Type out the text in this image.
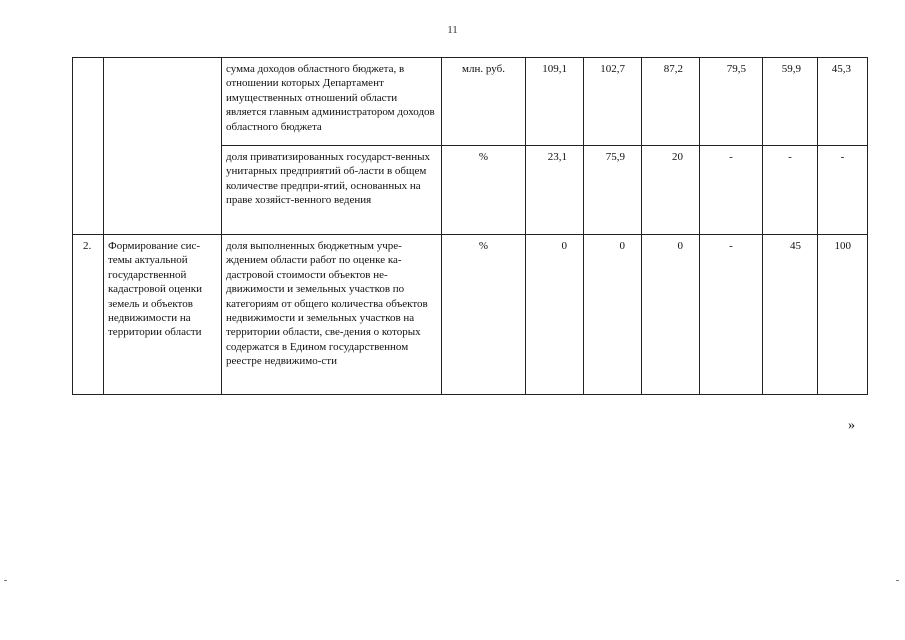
11
		сумма доходов областного бюджета, в отношении которых Департамент имущественных отношений области является главным администратором доходов областного бюджета	млн. руб.	109,1	102,7	87,2	79,5	59,9	45,3
		доля приватизированных государст-венных унитарных предприятий об-ласти в общем количестве предпри-ятий, основанных на праве хозяйст-венного ведения	%	23,1	75,9	20	-	-	-
2.	Формирование сис-темы актуальной государственной кадастровой оценки земель и объектов недвижимости на территории области	доля выполненных бюджетным учре-ждением области работ по оценке ка-дастровой стоимости объектов не-движимости и земельных участков по категориям от общего количества объектов недвижимости и земельных участков на территории области, све-дения о которых содержатся в Едином государственном реестре недвижимо-сти	%	0	0	0	-	45	100
»
